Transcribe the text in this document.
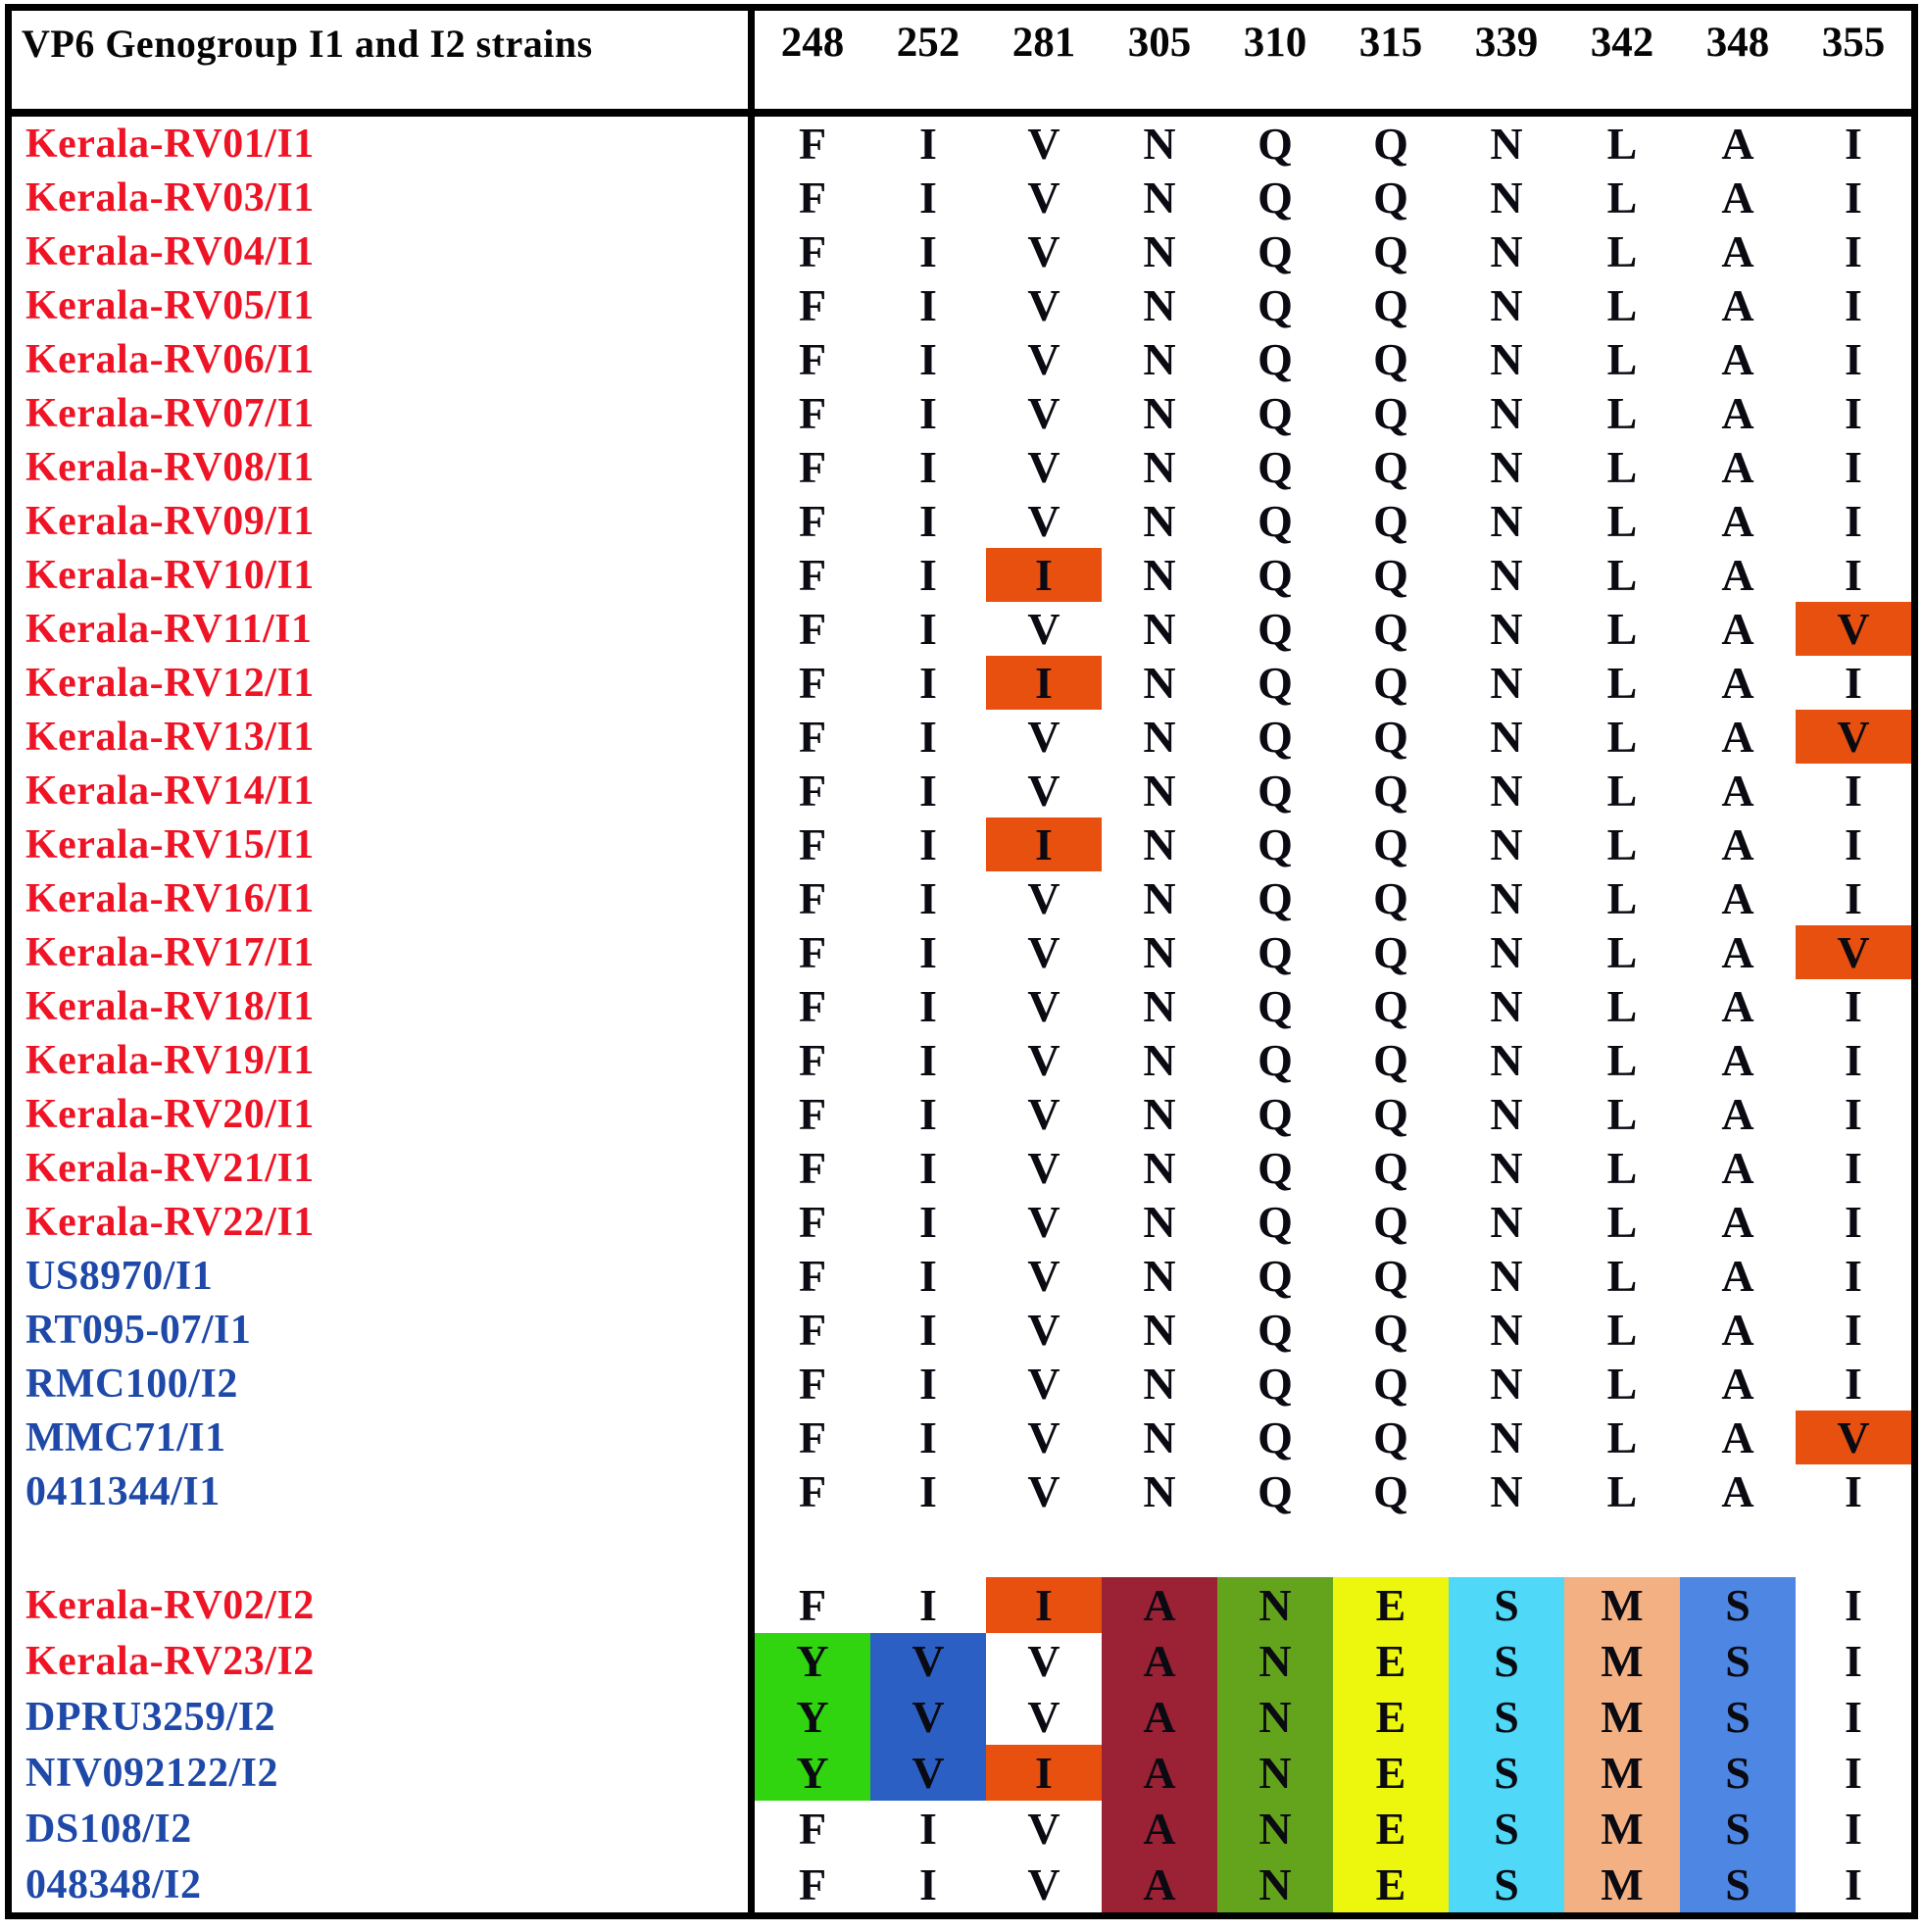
VP6 Genogroup I1 and I2 strains	248	252	281	305	310	315	339	342	348	355
Kerala-RV01/I1	F	I	V	N	Q	Q	N	L	A	I
Kerala-RV03/I1	F	I	V	N	Q	Q	N	L	A	I
Kerala-RV04/I1	F	I	V	N	Q	Q	N	L	A	I
Kerala-RV05/I1	F	I	V	N	Q	Q	N	L	A	I
Kerala-RV06/I1	F	I	V	N	Q	Q	N	L	A	I
Kerala-RV07/I1	F	I	V	N	Q	Q	N	L	A	I
Kerala-RV08/I1	F	I	V	N	Q	Q	N	L	A	I
Kerala-RV09/I1	F	I	V	N	Q	Q	N	L	A	I
Kerala-RV10/I1	F	I	I	N	Q	Q	N	L	A	I
Kerala-RV11/I1	F	I	V	N	Q	Q	N	L	A	V
Kerala-RV12/I1	F	I	I	N	Q	Q	N	L	A	I
Kerala-RV13/I1	F	I	V	N	Q	Q	N	L	A	V
Kerala-RV14/I1	F	I	V	N	Q	Q	N	L	A	I
Kerala-RV15/I1	F	I	I	N	Q	Q	N	L	A	I
Kerala-RV16/I1	F	I	V	N	Q	Q	N	L	A	I
Kerala-RV17/I1	F	I	V	N	Q	Q	N	L	A	V
Kerala-RV18/I1	F	I	V	N	Q	Q	N	L	A	I
Kerala-RV19/I1	F	I	V	N	Q	Q	N	L	A	I
Kerala-RV20/I1	F	I	V	N	Q	Q	N	L	A	I
Kerala-RV21/I1	F	I	V	N	Q	Q	N	L	A	I
Kerala-RV22/I1	F	I	V	N	Q	Q	N	L	A	I
US8970/I1	F	I	V	N	Q	Q	N	L	A	I
RT095-07/I1	F	I	V	N	Q	Q	N	L	A	I
RMC100/I2	F	I	V	N	Q	Q	N	L	A	I
MMC71/I1	F	I	V	N	Q	Q	N	L	A	V
0411344/I1	F	I	V	N	Q	Q	N	L	A	I
Kerala-RV02/I2	F	I	I	A	N	E	S	M	S	I
Kerala-RV23/I2	Y	V	V	A	N	E	S	M	S	I
DPRU3259/I2	Y	V	V	A	N	E	S	M	S	I
NIV092122/I2	Y	V	I	A	N	E	S	M	S	I
DS108/I2	F	I	V	A	N	E	S	M	S	I
048348/I2	F	I	V	A	N	E	S	M	S	I
